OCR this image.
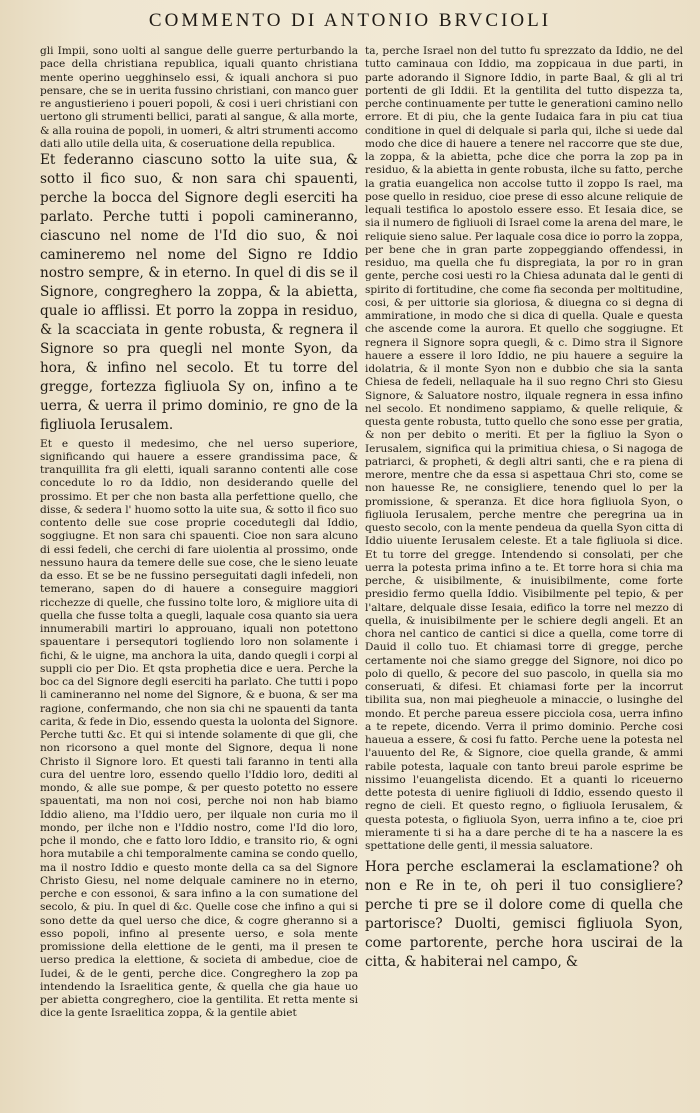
COMMENTO DI ANTONIO BRVCIOLI

gli Impii, sono uolti al sangue delle guerre perturbando la pace della christiana republica, iquali quanto christiana mente operino uegghinselo essi, & iquali anchora si puo pensare, che se in uerita fussino christiani, con manco guer re angustierieno i poueri popoli, & cosi i ueri christiani con uertono gli strumenti bellici, parati al sangue, & alla morte, & alla rouina de popoli, in uomeri, & altri strumenti accomo dati allo utile della uita, & coseruatione della republica.

Et federanno ciascuno sotto la uite sua, & sotto il fico suo, & non sara chi spauenti, perche la bocca del Signore degli eserciti ha parlato. Perche tutti i popoli camineranno, ciascuno nel nome de l'Id dio suo, & noi camineremo nel nome del Signo re Iddio nostro sempre, & in eterno. In quel di dis se il Signore, congreghero la zoppa, & la abietta, quale io afflissi. Et porro la zoppa in residuo, & la scacciata in gente robusta, & regnera il Signore so pra quegli nel monte Syon, da hora, & infino nel secolo. Et tu torre del gregge, fortezza figliuola Sy on, infino a te uerra, & uerra il primo dominio, re gno de la figliuola Ierusalem.

Et e questo il medesimo, che nel uerso superiore, significando qui hauere a essere grandissima pace, & tranquillita fra gli eletti, iquali saranno contenti alle cose concedute lo ro da Iddio, non desiderando quelle del prossimo. Et per che non basta alla perfettione quello, che disse, & sedera l' huomo sotto la uite sua, & sotto il fico suo contento delle sue cose proprie cocedutegli dal Iddio, soggiugne. Et non sara chi spauenti. Cioe non sara alcuno di essi fedeli, che cerchi di fare uiolentia al prossimo, onde nessuno haura da temere delle sue cose, che le sieno leuate da esso. Et se be ne fussino perseguitati dagli infedeli, non temerano, sapen do di hauere a conseguire maggiori ricchezze di quelle, che fussino tolte loro, & migliore uita di quella che fusse tolta a quegli, laquale cosa quanto sia uera innumerabili martiri lo approuano, iquali non potettono spauentare i persequtori togliendo loro non solamente i fichi, & le uigne, ma anchora la uita, dando quegli i corpi al suppli cio per Dio. Et qsta prophetia dice e uera. Perche la boc ca del Signore degli eserciti ha parlato. Che tutti i popo li camineranno nel nome del Signore, & e buona, & ser ma ragione, confermando, che non sia chi ne spauenti da tanta carita, & fede in Dio, essendo questa la uolonta del Signore. Perche tutti &c. Et qui si intende solamente di que gli, che non ricorsono a quel monte del Signore, dequa li none Christo il Signore loro. Et questi tali faranno in tenti alla cura del uentre loro, essendo quello l'Iddio loro, dediti al mondo, & alle sue pompe, & per questo potetto no essere spauentati, ma non noi cosi, perche noi non hab biamo Iddio alieno, ma l'Iddio uero, per ilquale non curia mo il mondo, per ilche non e l'Iddio nostro, come l'Id dio loro, pche il mondo, che e fatto loro Iddio, e transito rio, & ogni hora mutabile a chi temporalmente camina se condo quello, ma il nostro Iddio e questo monte della ca sa del Signore Christo Giesu, nel nome delquale caminere no in eterno, perche e con essonoi, & sara infino a la con sumatione del secolo, & piu. In quel di &c. Quelle cose che infino a qui si sono dette da quel uerso che dice, & cogre gheranno si a esso popoli, infino al presente uerso, e sola mente promissione della elettione de le genti, ma il presen te uerso predica la elettione, & societa di ambedue, cioe de Iudei, & de le genti, perche dice. Congreghero la zop pa intendendo la Israelitica gente, & quella che gia haue uo per abietta congreghero, cioe la gentilita. Et retta mente si dice la gente Israelitica zoppa, & la gentile abiet

ta, perche Israel non del tutto fu sprezzato da Iddio, ne del tutto caminaua con Iddio, ma zoppicaua in due parti, in parte adorando il Signore Iddio, in parte Baal, & gli al tri portenti de gli Iddii. Et la gentilita del tutto dispezza ta, perche continuamente per tutte le generationi camino nello errore. Et di piu, che la gente Iudaica fara in piu cat tiua conditione in quel di delquale si parla qui, ilche si uede dal modo che dice di hauere a tenere nel raccorre que ste due, la zoppa, & la abietta, pche dice che porra la zop pa in residuo, & la abietta in gente robusta, ilche su fatto, perche la gratia euangelica non accolse tutto il zoppo Is rael, ma pose quello in residuo, cioe prese di esso alcune reliquie de lequali testifica lo apostolo essere esso. Et Iesaia dice, se sia il numero de figliuoli di Israel come la arena del mare, le reliquie sieno salue. Per laquale cosa dice io porro la zoppa, per bene che in gran parte zoppeggiando offendessi, in residuo, ma quella che fu dispregiata, la por ro in gran gente, perche cosi uesti ro la Chiesa adunata dal le genti di spirito di fortitudine, che come fia seconda per moltitudine, cosi, & per uittorie sia gloriosa, & diuegna co si degna di ammiratione, in modo che si dica di quella. Quale e questa che ascende come la aurora. Et quello che soggiugne. Et regnera il Signore sopra quegli, & c. Dimo stra il Signore hauere a essere il loro Iddio, ne piu hauere a seguire la idolatria, & il monte Syon non e dubbio che sia la santa Chiesa de fedeli, nellaquale ha il suo regno Chri sto Giesu Signore, & Saluatore nostro, ilquale regnera in essa infino nel secolo. Et nondimeno sappiamo, & quelle reliquie, & questa gente robusta, tutto quello che sono esse per gratia, & non per debito o meriti. Et per la figliuo la Syon o Ierusalem, significa qui la primitiua chiesa, o Si nagoga de patriarci, & propheti, & degli altri santi, che e ra piena di merore, mentre che da essa si aspettaua Chri sto, come se non hauesse Re, ne consigliere, tenendo quel lo per la promissione, & speranza. Et dice hora figliuola Syon, o figliuola Ierusalem, perche mentre che peregrina ua in questo secolo, con la mente pendeua da quella Syon citta di Iddio uiuente Ierusalem celeste. Et a tale figliuola si dice. Et tu torre del gregge. Intendendo si consolati, per che uerra la potesta prima infino a te. Et torre hora si chia ma perche, & uisibilmente, & inuisibilmente, come forte presidio fermo quella Iddio. Visibilmente pel tepio, & per l'altare, delquale disse Iesaia, edifico la torre nel mezzo di quella, & inuisibilmente per le schiere degli angeli. Et an chora nel cantico de cantici si dice a quella, come torre di Dauid il collo tuo. Et chiamasi torre di gregge, perche certamente noi che siamo gregge del Signore, noi dico po polo di quello, & pecore del suo pascolo, in quella sia mo conseruati, & difesi. Et chiamasi forte per la incorrut tibilita sua, non mai piegheuole a minaccie, o lusinghe del mondo. Et perche pareua essere picciola cosa, uerra infino a te repete, dicendo. Verra il primo dominio. Perche cosi haueua a essere, & cosi fu fatto. Perche uene la potesta nel l'auuento del Re, & Signore, cioe quella grande, & ammi rabile potesta, laquale con tanto breui parole esprime be nissimo l'euangelista dicendo. Et a quanti lo riceuerno dette potesta di uenire figliuoli di Iddio, essendo questo il regno de cieli. Et questo regno, o figliuola Ierusalem, & questa potesta, o figliuola Syon, uerra infino a te, cioe pri mieramente ti si ha a dare perche di te ha a nascere la es spettatione delle genti, il messia saluatore.

Hora perche esclamerai la esclamatione? oh non e Re in te, oh peri il tuo consigliere? perche ti pre se il dolore come di quella che partorisce? Duolti, gemisci figliuola Syon, come partorente, perche hora uscirai de la citta, & habiterai nel campo, &
